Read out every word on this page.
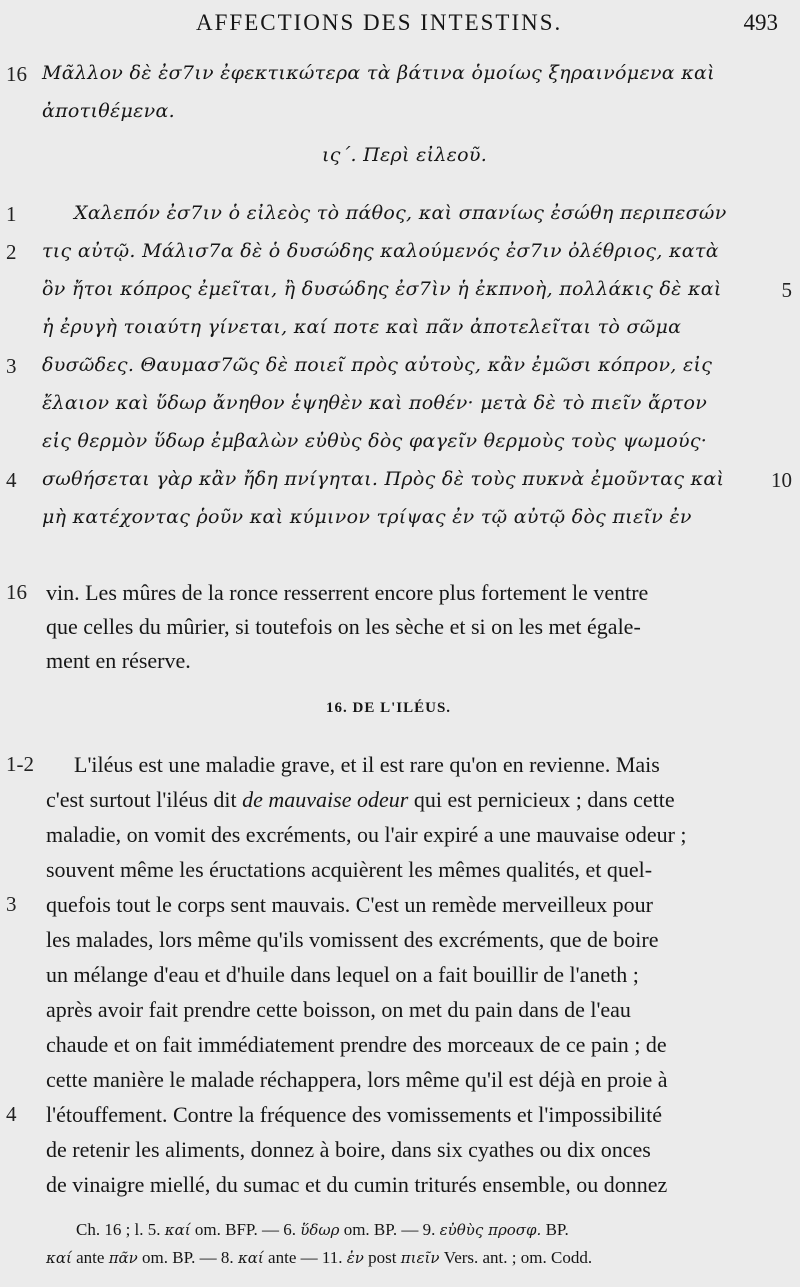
AFFECTIONS DES INTESTINS.	493
16 Μᾶλλον δὲ ἐσ7ιν ἐφεκτικώτερα τὰ βάτινα ὁμοίως ξηραινόμενα καὶ
ἀποτιθέμενα.
ις΄. Περὶ εἰλεοῦ.
1	Χαλεπόν ἐσ7ιν ὁ εἰλεὸς τὸ πάθος, καὶ σπανίως ἐσώθη περιπεσών
2	τις αὐτῷ. Μάλισ7α δὲ ὁ δυσώδης καλούμενός ἐσ7ιν ὀλέθριος, κατὰ
ὃν ἤτοι κόπρος ἐμεῖται, ἢ δυσώδης ἐσ7ὶν ἡ ἐκπνοὴ, πολλάκις δὲ καὶ	5
ἡ ἐρυγὴ τοιαύτη γίνεται, καί ποτε καὶ πᾶν ἀποτελεῖται τὸ σῶμα
3	δυσῶδες. Θαυμασ7ῶς δὲ ποιεῖ πρὸς αὐτοὺς, κἂν ἐμῶσι κόπρον, εἰς
ἔλαιον καὶ ὕδωρ ἄνηθον ἑψηθὲν καὶ ποθέν· μετὰ δὲ τὸ πιεῖν ἄρτον
εἰς θερμὸν ὕδωρ ἐμβαλὼν εὐθὺς δὸς φαγεῖν θερμοὺς τοὺς ψωμούς·
4	σωθήσεται γὰρ κἂν ἤδη πνίγηται. Πρὸς δὲ τοὺς πυκνὰ ἐμοῦντας καὶ 10
μὴ κατέχοντας ῥοῦν καὶ κύμινον τρίψας ἐν τῷ αὐτῷ δὸς πιεῖν ἐν
16 vin. Les mûres de la ronce resserrent encore plus fortement le ventre
que celles du mûrier, si toutefois on les sèche et si on les met égale-
ment en réserve.
16. DE L'ILÉUS.
1-2 L'iléus est une maladie grave, et il est rare qu'on en revienne. Mais
c'est surtout l'iléus dit de mauvaise odeur qui est pernicieux ; dans cette
maladie, on vomit des excréments, ou l'air expiré a une mauvaise odeur ;
souvent même les éructations acquièrent les mêmes qualités, et quel-
3	quefois tout le corps sent mauvais. C'est un remède merveilleux pour
les malades, lors même qu'ils vomissent des excréments, que de boire
un mélange d'eau et d'huile dans lequel on a fait bouillir de l'aneth ;
après avoir fait prendre cette boisson, on met du pain dans de l'eau
chaude et on fait immédiatement prendre des morceaux de ce pain ; de
cette manière le malade réchappera, lors même qu'il est déjà en proie à
4	l'étouffement. Contre la fréquence des vomissements et l'impossibilité
de retenir les aliments, donnez à boire, dans six cyathes ou dix onces
de vinaigre miellé, du sumac et du cumin triturés ensemble, ou donnez
Ch. 16 ; l. 5. καί om. BFP. — 6. ὕδωρ om. BP. — 9. εὐθὺς προσφ. BP.
καί ante πᾶν om. BP. — 8. καί ante — 11. ἐν post πιεῖν Vers. ant. ; om. Codd.
